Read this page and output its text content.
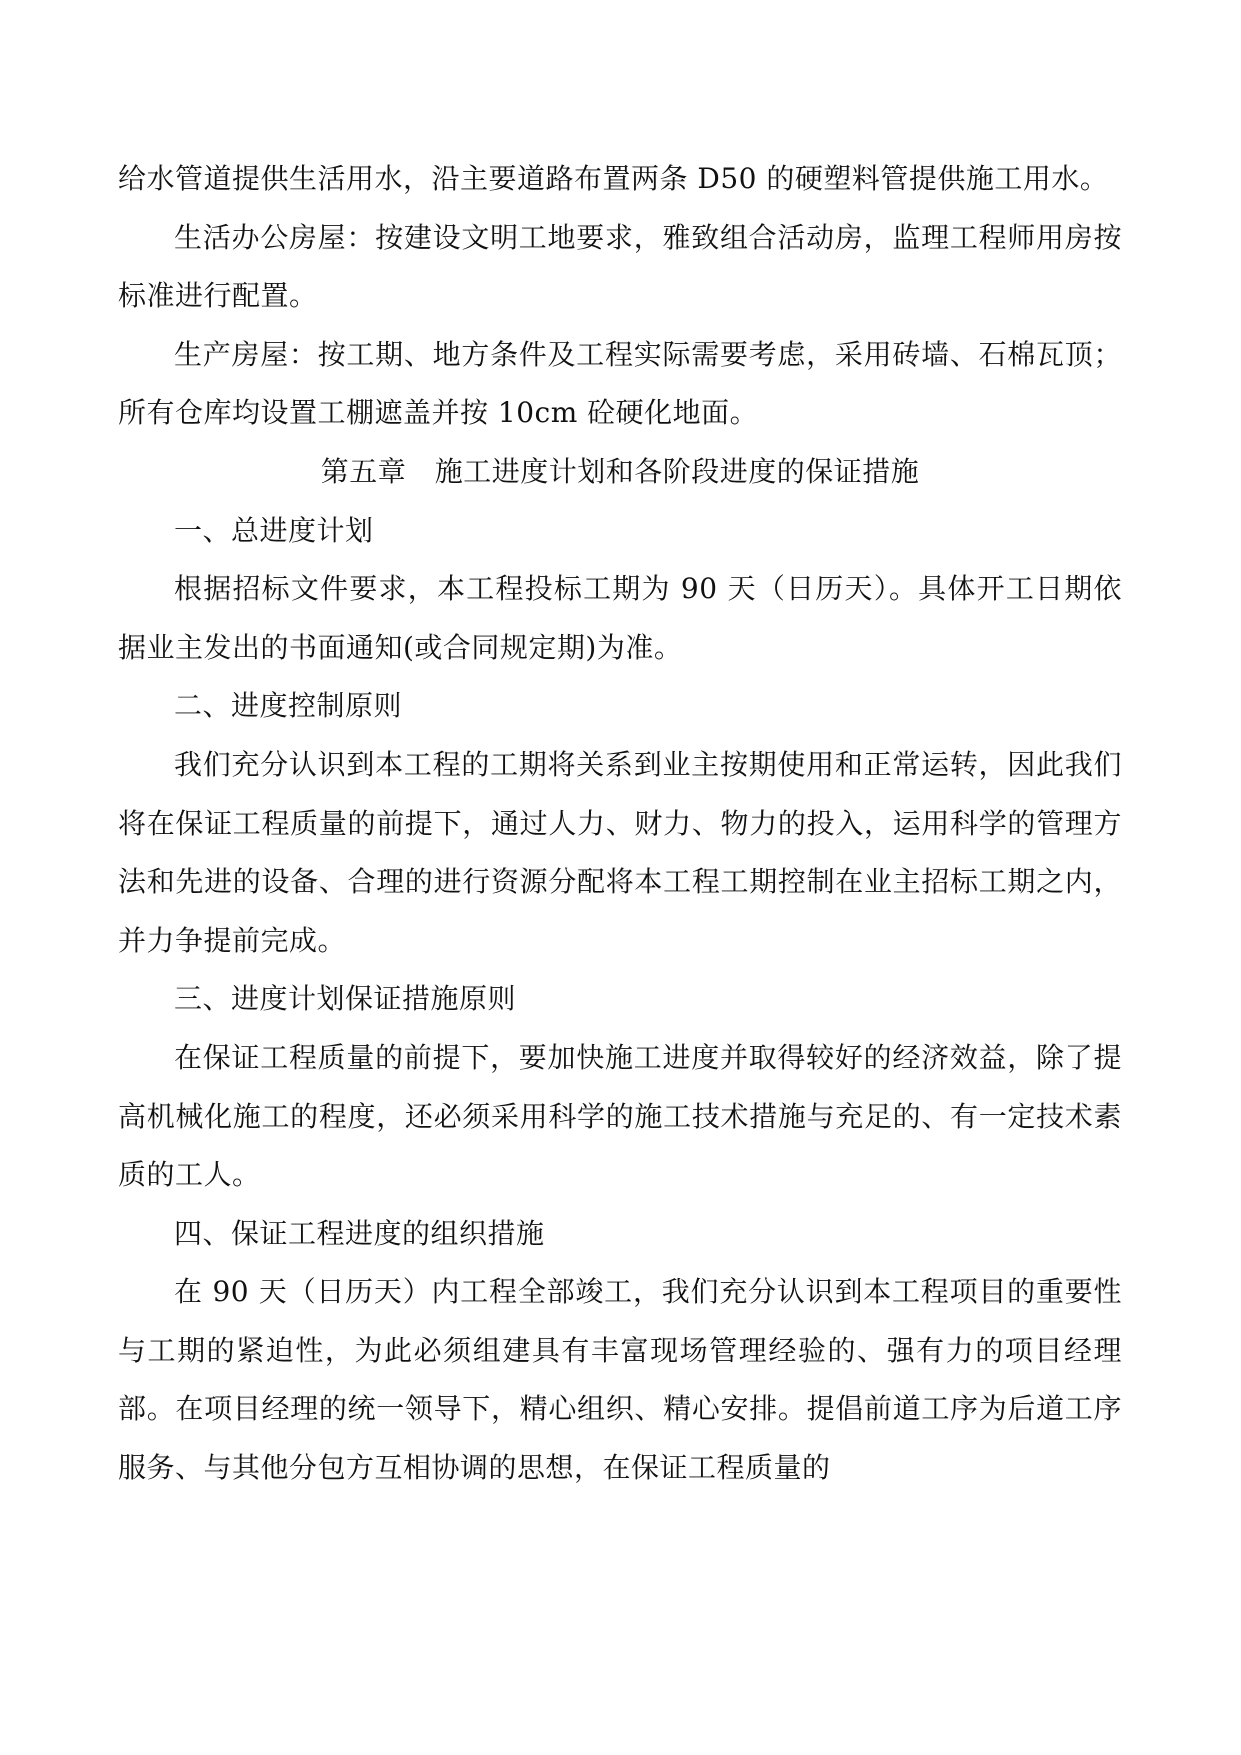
给水管道提供生活用水，沿主要道路布置两条 D50 的硬塑料管提供施工用水。

生活办公房屋：按建设文明工地要求，雅致组合活动房，监理工程师用房按标准进行配置。

生产房屋：按工期、地方条件及工程实际需要考虑，采用砖墙、石棉瓦顶；所有仓库均设置工棚遮盖并按 10cm 砼硬化地面。

第五章　施工进度计划和各阶段进度的保证措施

一、总进度计划

根据招标文件要求，本工程投标工期为 90 天（日历天）。具体开工日期依据业主发出的书面通知(或合同规定期)为准。

二、进度控制原则

我们充分认识到本工程的工期将关系到业主按期使用和正常运转，因此我们将在保证工程质量的前提下，通过人力、财力、物力的投入，运用科学的管理方法和先进的设备、合理的进行资源分配将本工程工期控制在业主招标工期之内，并力争提前完成。

三、进度计划保证措施原则

在保证工程质量的前提下，要加快施工进度并取得较好的经济效益，除了提高机械化施工的程度，还必须采用科学的施工技术措施与充足的、有一定技术素质的工人。

四、保证工程进度的组织措施

在 90 天（日历天）内工程全部竣工，我们充分认识到本工程项目的重要性与工期的紧迫性，为此必须组建具有丰富现场管理经验的、强有力的项目经理部。在项目经理的统一领导下，精心组织、精心安排。提倡前道工序为后道工序服务、与其他分包方互相协调的思想，在保证工程质量的
